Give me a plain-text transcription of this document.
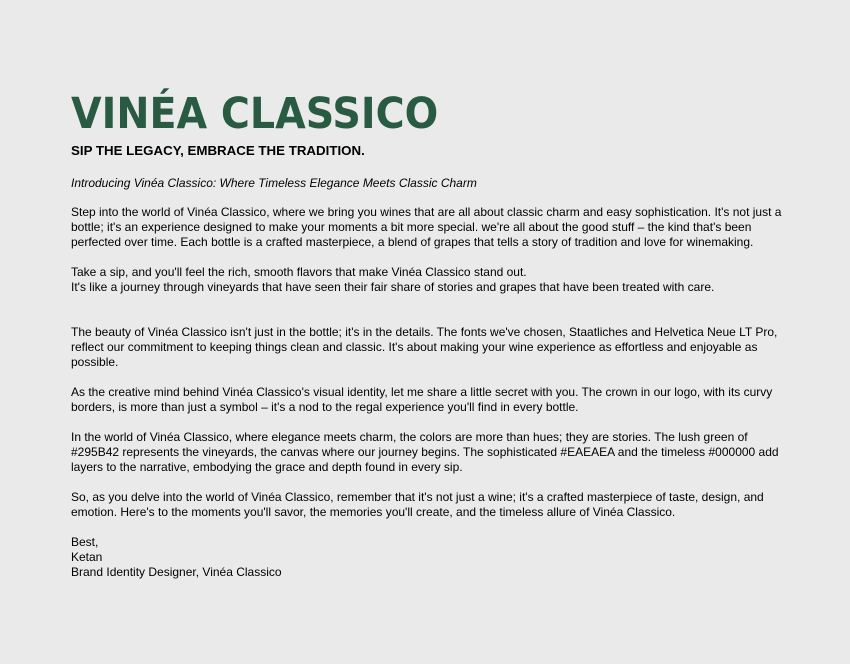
VINÉA CLASSICO

SIP THE LEGACY, EMBRACE THE TRADITION.

Introducing Vinéa Classico: Where Timeless Elegance Meets Classic Charm

Step into the world of Vinéa Classico, where we bring you wines that are all about classic charm and easy sophistication. It's not just a bottle; it's an experience designed to make your moments a bit more special. we're all about the good stuff – the kind that's been perfected over time. Each bottle is a crafted masterpiece, a blend of grapes that tells a story of tradition and love for winemaking.

Take a sip, and you'll feel the rich, smooth flavors that make Vinéa Classico stand out.
It's like a journey through vineyards that have seen their fair share of stories and grapes that have been treated with care.

The beauty of Vinéa Classico isn't just in the bottle; it's in the details. The fonts we've chosen, Staatliches and Helvetica Neue LT Pro, reflect our commitment to keeping things clean and classic. It's about making your wine experience as effortless and enjoyable as possible.

As the creative mind behind Vinéa Classico's visual identity, let me share a little secret with you. The crown in our logo, with its curvy borders, is more than just a symbol – it's a nod to the regal experience you'll find in every bottle.

In the world of Vinéa Classico, where elegance meets charm, the colors are more than hues; they are stories. The lush green of #295B42 represents the vineyards, the canvas where our journey begins. The sophisticated #EAEAEA and the timeless #000000 add layers to the narrative, embodying the grace and depth found in every sip.

So, as you delve into the world of Vinéa Classico, remember that it's not just a wine; it's a crafted masterpiece of taste, design, and emotion. Here's to the moments you'll savor, the memories you'll create, and the timeless allure of Vinéa Classico.

Best,
Ketan
Brand Identity Designer, Vinéa Classico
